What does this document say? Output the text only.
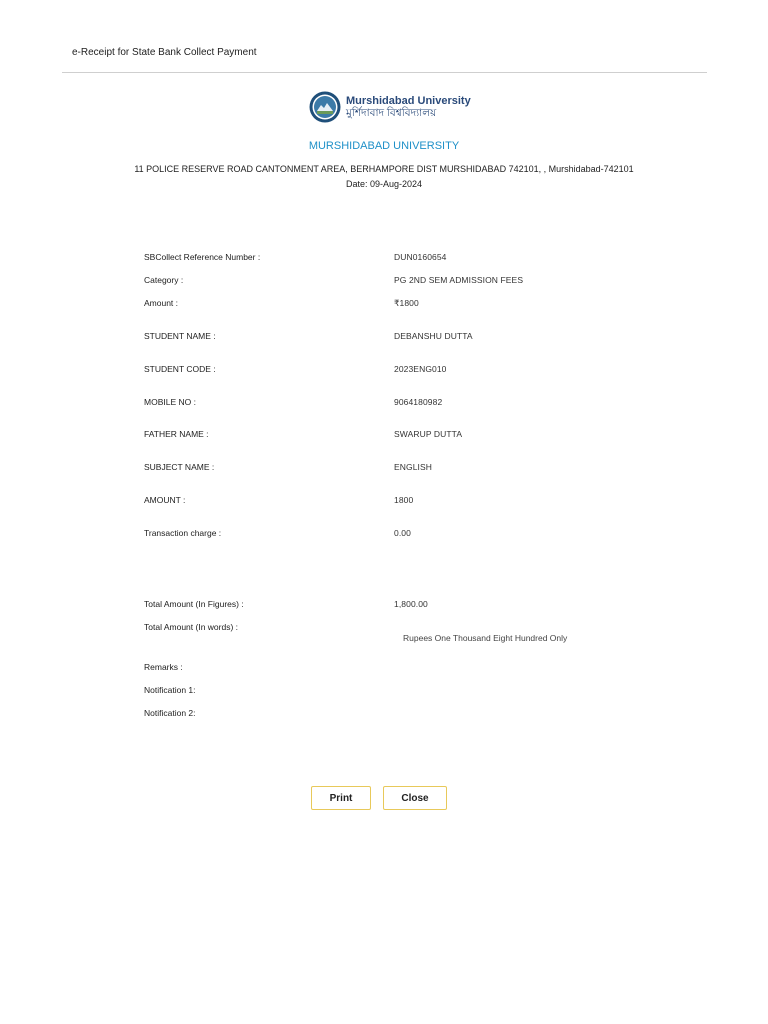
e-Receipt for State Bank Collect Payment
Murshidabad University
মুর্শিদাবাদ বিশ্ববিদ্যালয়
MURSHIDABAD UNIVERSITY
11 POLICE RESERVE ROAD CANTONMENT AREA, BERHAMPORE DIST MURSHIDABAD 742101, , Murshidabad-742101
Date: 09-Aug-2024
SBCollect Reference Number :	DUN0160654
Category :	PG 2ND SEM ADMISSION FEES
Amount :	₹1800
STUDENT NAME :	DEBANSHU DUTTA
STUDENT CODE :	2023ENG010
MOBILE NO :	9064180982
FATHER NAME :	SWARUP DUTTA
SUBJECT NAME :	ENGLISH
AMOUNT :	1800
Transaction charge :	0.00
Total Amount (In Figures) :	1,800.00
Total Amount (In words) :
Rupees One Thousand Eight Hundred Only
Remarks :
Notification 1:
Notification 2:
Print	Close
